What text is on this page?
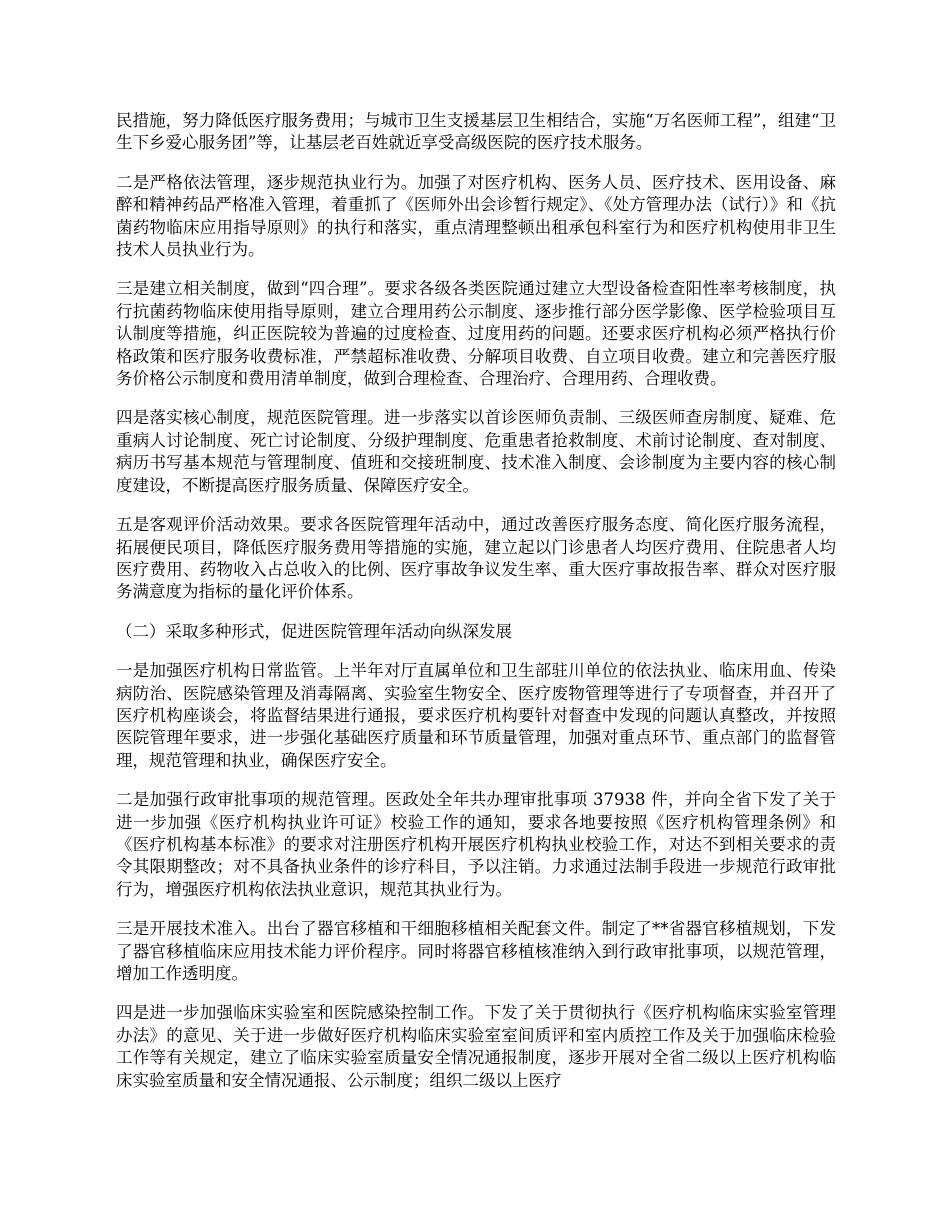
民措施，努力降低医疗服务费用；与城市卫生支援基层卫生相结合，实施“万名医师工程”，组建“卫生下乡爱心服务团”等，让基层老百姓就近享受高级医院的医疗技术服务。

二是严格依法管理，逐步规范执业行为。加强了对医疗机构、医务人员、医疗技术、医用设备、麻醉和精神药品严格准入管理，着重抓了《医师外出会诊暂行规定》、《处方管理办法（试行）》和《抗菌药物临床应用指导原则》的执行和落实，重点清理整顿出租承包科室行为和医疗机构使用非卫生技术人员执业行为。

三是建立相关制度，做到“四合理”。要求各级各类医院通过建立大型设备检查阳性率考核制度，执行抗菌药物临床使用指导原则，建立合理用药公示制度、逐步推行部分医学影像、医学检验项目互认制度等措施，纠正医院较为普遍的过度检查、过度用药的问题。还要求医疗机构必须严格执行价格政策和医疗服务收费标准，严禁超标准收费、分解项目收费、自立项目收费。建立和完善医疗服务价格公示制度和费用清单制度，做到合理检查、合理治疗、合理用药、合理收费。

四是落实核心制度，规范医院管理。进一步落实以首诊医师负责制、三级医师查房制度、疑难、危重病人讨论制度、死亡讨论制度、分级护理制度、危重患者抢救制度、术前讨论制度、查对制度、病历书写基本规范与管理制度、值班和交接班制度、技术准入制度、会诊制度为主要内容的核心制度建设，不断提高医疗服务质量、保障医疗安全。

五是客观评价活动效果。要求各医院管理年活动中，通过改善医疗服务态度、简化医疗服务流程，拓展便民项目，降低医疗服务费用等措施的实施，建立起以门诊患者人均医疗费用、住院患者人均医疗费用、药物收入占总收入的比例、医疗事故争议发生率、重大医疗事故报告率、群众对医疗服务满意度为指标的量化评价体系。

（二）采取多种形式，促进医院管理年活动向纵深发展

一是加强医疗机构日常监管。上半年对厅直属单位和卫生部驻川单位的依法执业、临床用血、传染病防治、医院感染管理及消毒隔离、实验室生物安全、医疗废物管理等进行了专项督查，并召开了医疗机构座谈会，将监督结果进行通报，要求医疗机构要针对督查中发现的问题认真整改，并按照医院管理年要求，进一步强化基础医疗质量和环节质量管理，加强对重点环节、重点部门的监督管理，规范管理和执业，确保医疗安全。

二是加强行政审批事项的规范管理。医政处全年共办理审批事项 37938 件，并向全省下发了关于进一步加强《医疗机构执业许可证》校验工作的通知，要求各地要按照《医疗机构管理条例》和《医疗机构基本标准》的要求对注册医疗机构开展医疗机构执业校验工作，对达不到相关要求的责令其限期整改；对不具备执业条件的诊疗科目，予以注销。力求通过法制手段进一步规范行政审批行为，增强医疗机构依法执业意识，规范其执业行为。

三是开展技术准入。出台了器官移植和干细胞移植相关配套文件。制定了**省器官移植规划，下发了器官移植临床应用技术能力评价程序。同时将器官移植核准纳入到行政审批事项，以规范管理，增加工作透明度。

四是进一步加强临床实验室和医院感染控制工作。下发了关于贯彻执行《医疗机构临床实验室管理办法》的意见、关于进一步做好医疗机构临床实验室室间质评和室内质控工作及关于加强临床检验工作等有关规定，建立了临床实验室质量安全情况通报制度，逐步开展对全省二级以上医疗机构临床实验室质量和安全情况通报、公示制度；组织二级以上医疗
